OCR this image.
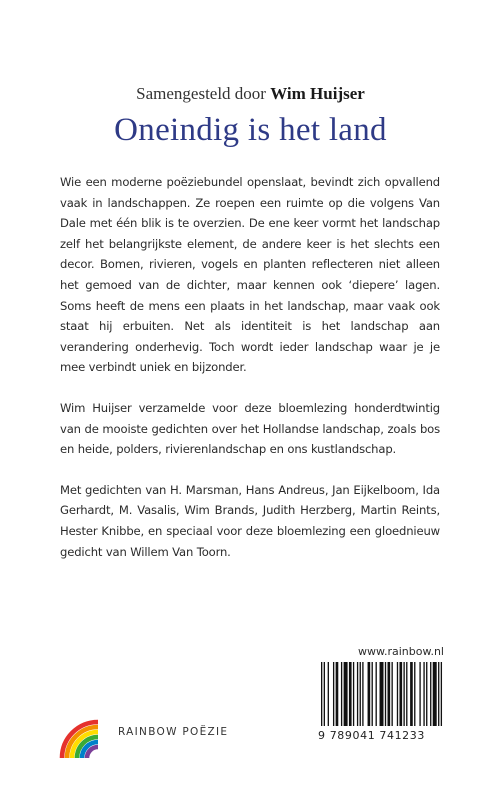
Samengesteld door Wim Huijser
Oneindig is het land

Wie een moderne poëziebundel openslaat, bevindt zich opvallend vaak in landschappen. Ze roepen een ruimte op die volgens Van Dale met één blik is te overzien. De ene keer vormt het landschap zelf het belangrijkste element, de andere keer is het slechts een decor. Bomen, rivieren, vogels en planten reflecteren niet alleen het gemoed van de dichter, maar kennen ook ‘diepere’ lagen. Soms heeft de mens een plaats in het landschap, maar vaak ook staat hij erbuiten. Net als identiteit is het landschap aan verandering onderhevig. Toch wordt ieder landschap waar je je mee verbindt uniek en bijzonder.

Wim Huijser verzamelde voor deze bloemlezing honderdtwintig van de mooiste gedichten over het Hollandse landschap, zoals bos en heide, polders, rivierenlandschap en ons kustlandschap.

Met gedichten van H. Marsman, Hans Andreus, Jan Eijkelboom, Ida Gerhardt, M. Vasalis, Wim Brands, Judith Herzberg, Martin Reints, Hester Knibbe, en speciaal voor deze bloemlezing een gloednieuw gedicht van Willem Van Toorn.

www.rainbow.nl
9 789041 741233
RAINBOW POËZIE
